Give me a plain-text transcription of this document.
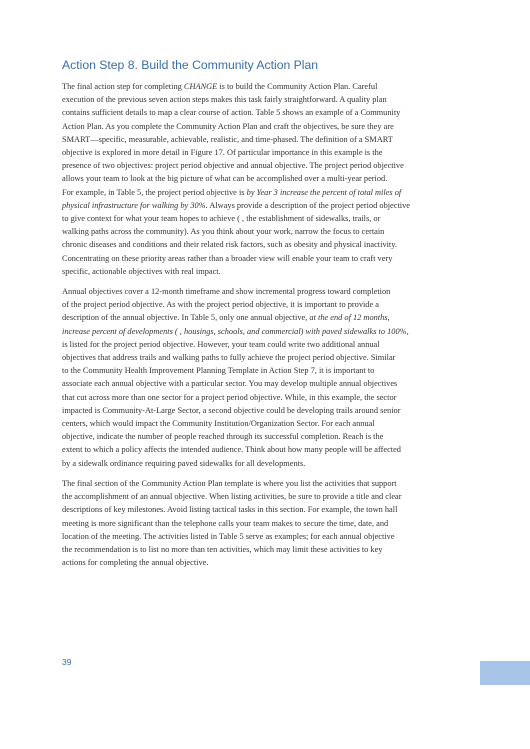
Action Step 8. Build the Community Action Plan
The final action step for completing CHANGE is to build the Community Action Plan. Careful
execution of the previous seven action steps makes this task fairly straightforward. A quality plan
contains sufficient details to map a clear course of action. Table 5 shows an example of a Community
Action Plan. As you complete the Community Action Plan and craft the objectives, be sure they are
SMART—specific, measurable, achievable, realistic, and time-phased. The definition of a SMART
objective is explored in more detail in Figure 17. Of particular importance in this example is the
presence of two objectives: project period objective and annual objective. The project period objective
allows your team to look at the big picture of what can be accomplished over a multi-year period.
For example, in Table 5, the project period objective is by Year 3 increase the percent of total miles of
physical infrastructure for walking by 30%. Always provide a description of the project period objective
to give context for what your team hopes to achieve ( , the establishment of sidewalks, trails, or
walking paths across the community). As you think about your work, narrow the focus to certain
chronic diseases and conditions and their related risk factors, such as obesity and physical inactivity.
Concentrating on these priority areas rather than a broader view will enable your team to craft very
specific, actionable objectives with real impact.
Annual objectives cover a 12-month timeframe and show incremental progress toward completion
of the project period objective. As with the project period objective, it is important to provide a
description of the annual objective. In Table 5, only one annual objective, at the end of 12 months,
increase percent of developments ( , housings, schools, and commercial) with paved sidewalks to 100%,
is listed for the project period objective. However, your team could write two additional annual
objectives that address trails and walking paths to fully achieve the project period objective. Similar
to the Community Health Improvement Planning Template in Action Step 7, it is important to
associate each annual objective with a particular sector. You may develop multiple annual objectives
that cut across more than one sector for a project period objective. While, in this example, the sector
impacted is Community-At-Large Sector, a second objective could be developing trails around senior
centers, which would impact the Community Institution/Organization Sector. For each annual
objective, indicate the number of people reached through its successful completion. Reach is the
extent to which a policy affects the intended audience. Think about how many people will be affected
by a sidewalk ordinance requiring paved sidewalks for all developments.
The final section of the Community Action Plan template is where you list the activities that support
the accomplishment of an annual objective. When listing activities, be sure to provide a title and clear
descriptions of key milestones. Avoid listing tactical tasks in this section. For example, the town hall
meeting is more significant than the telephone calls your team makes to secure the time, date, and
location of the meeting. The activities listed in Table 5 serve as examples; for each annual objective
the recommendation is to list no more than ten activities, which may limit these activities to key
actions for completing the annual objective.
39
